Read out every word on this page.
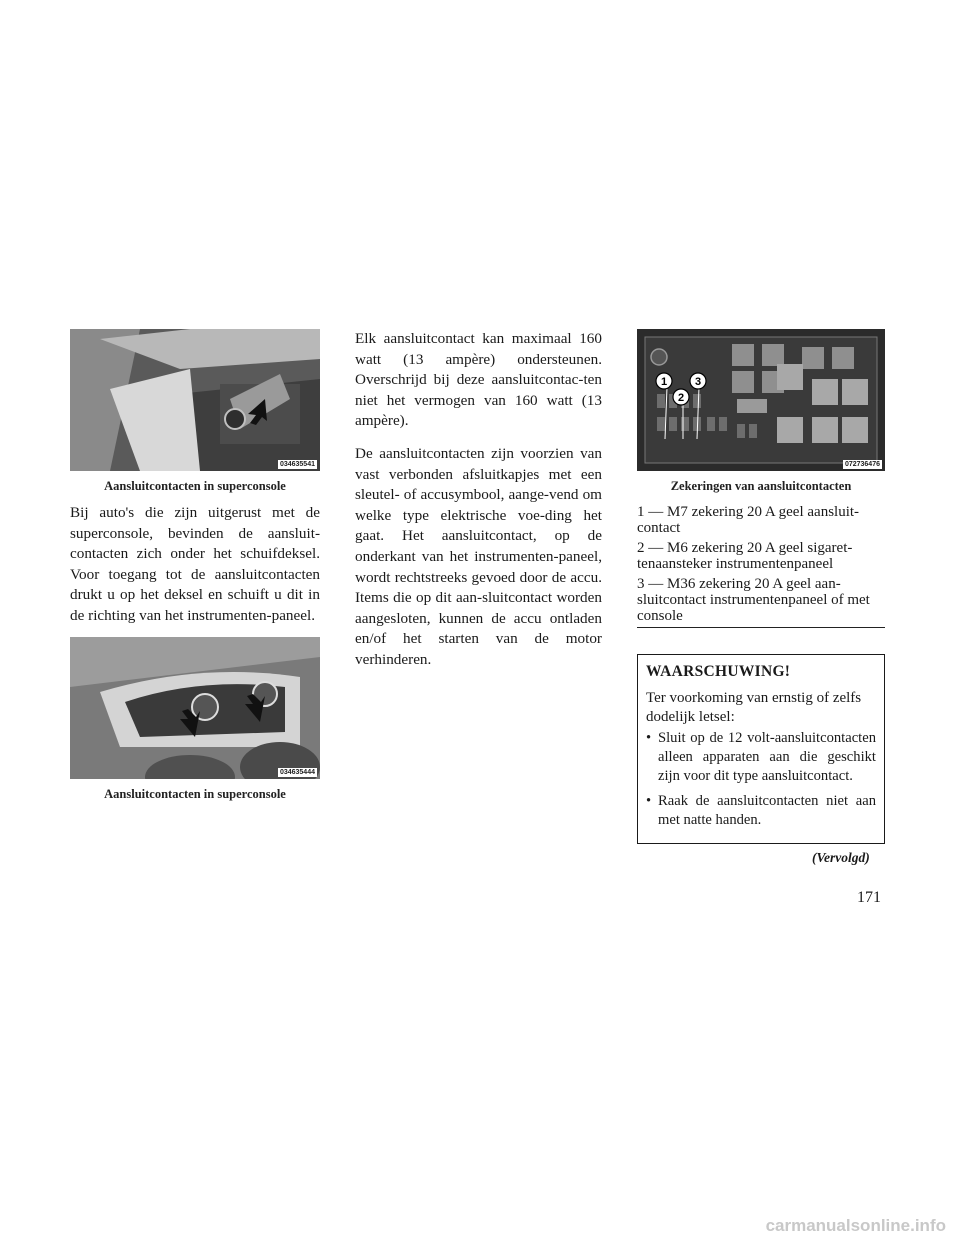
034635541
Aansluitcontacten in superconsole
Bij auto's die zijn uitgerust met de superconsole, bevinden de aansluit-contacten zich onder het schuifdeksel. Voor toegang tot de aansluitcontacten drukt u op het deksel en schuift u dit in de richting van het instrumenten-paneel.
034635444
Aansluitcontacten in superconsole

Elk aansluitcontact kan maximaal 160 watt (13 ampère) ondersteunen. Overschrijd bij deze aansluitcontac-ten niet het vermogen van 160 watt (13 ampère).

De aansluitcontacten zijn voorzien van vast verbonden afsluitkapjes met een sleutel- of accusymbool, aange-vend om welke type elektrische voe-ding het gaat. Het aansluitcontact, op de onderkant van het instrumenten-paneel, wordt rechtstreeks gevoed door de accu. Items die op dit aan-sluitcontact worden aangesloten, kunnen de accu ontladen en/of het starten van de motor verhinderen.

1
2
3
072736476
Zekeringen van aansluitcontacten
1 — M7 zekering 20 A geel aansluit-contact
2 — M6 zekering 20 A geel sigaret-tenaansteker instrumentenpaneel
3 — M36 zekering 20 A geel aan-sluitcontact instrumentenpaneel of met console
WAARSCHUWING!
Ter voorkoming van ernstig of zelfs dodelijk letsel:
• Sluit op de 12 volt-aansluitcontacten alleen apparaten aan die geschikt zijn voor dit type aansluitcontact.
• Raak de aansluitcontacten niet aan met natte handen.
(Vervolgd)
171
carmanualsonline.info
